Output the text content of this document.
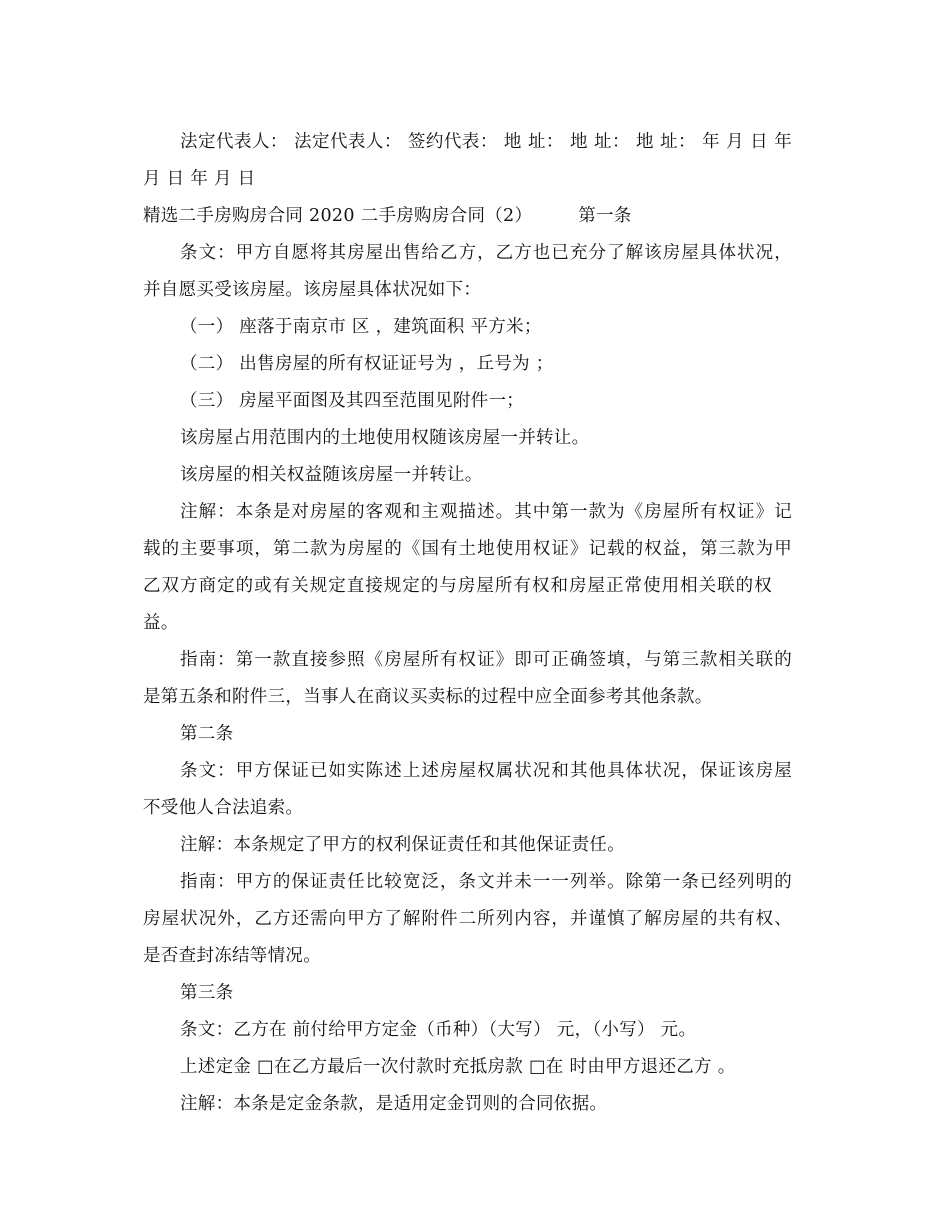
法定代表人： 法定代表人： 签约代表： 地 址： 地 址： 地 址： 年 月 日 年
月 日 年 月 日
精选二手房购房合同 2020 二手房购房合同（2）	第一条
条文：甲方自愿将其房屋出售给乙方，乙方也已充分了解该房屋具体状况，
并自愿买受该房屋。该房屋具体状况如下：
（一） 座落于南京市 区 ，建筑面积 平方米；
（二） 出售房屋的所有权证证号为 ，丘号为 ；
（三） 房屋平面图及其四至范围见附件一；
该房屋占用范围内的土地使用权随该房屋一并转让。
该房屋的相关权益随该房屋一并转让。
注解：本条是对房屋的客观和主观描述。其中第一款为《房屋所有权证》记
载的主要事项，第二款为房屋的《国有土地使用权证》记载的权益，第三款为甲
乙双方商定的或有关规定直接规定的与房屋所有权和房屋正常使用相关联的权
益。
指南：第一款直接参照《房屋所有权证》即可正确签填，与第三款相关联的
是第五条和附件三，当事人在商议买卖标的过程中应全面参考其他条款。
第二条
条文：甲方保证已如实陈述上述房屋权属状况和其他具体状况，保证该房屋
不受他人合法追索。
注解：本条规定了甲方的权利保证责任和其他保证责任。
指南：甲方的保证责任比较宽泛，条文并未一一列举。除第一条已经列明的
房屋状况外，乙方还需向甲方了解附件二所列内容，并谨慎了解房屋的共有权、
是否查封冻结等情况。
第三条
条文：乙方在 前付给甲方定金（币种）（大写） 元，（小写） 元。
上述定金 □在乙方最后一次付款时充抵房款 □在 时由甲方退还乙方 。
注解：本条是定金条款，是适用定金罚则的合同依据。
